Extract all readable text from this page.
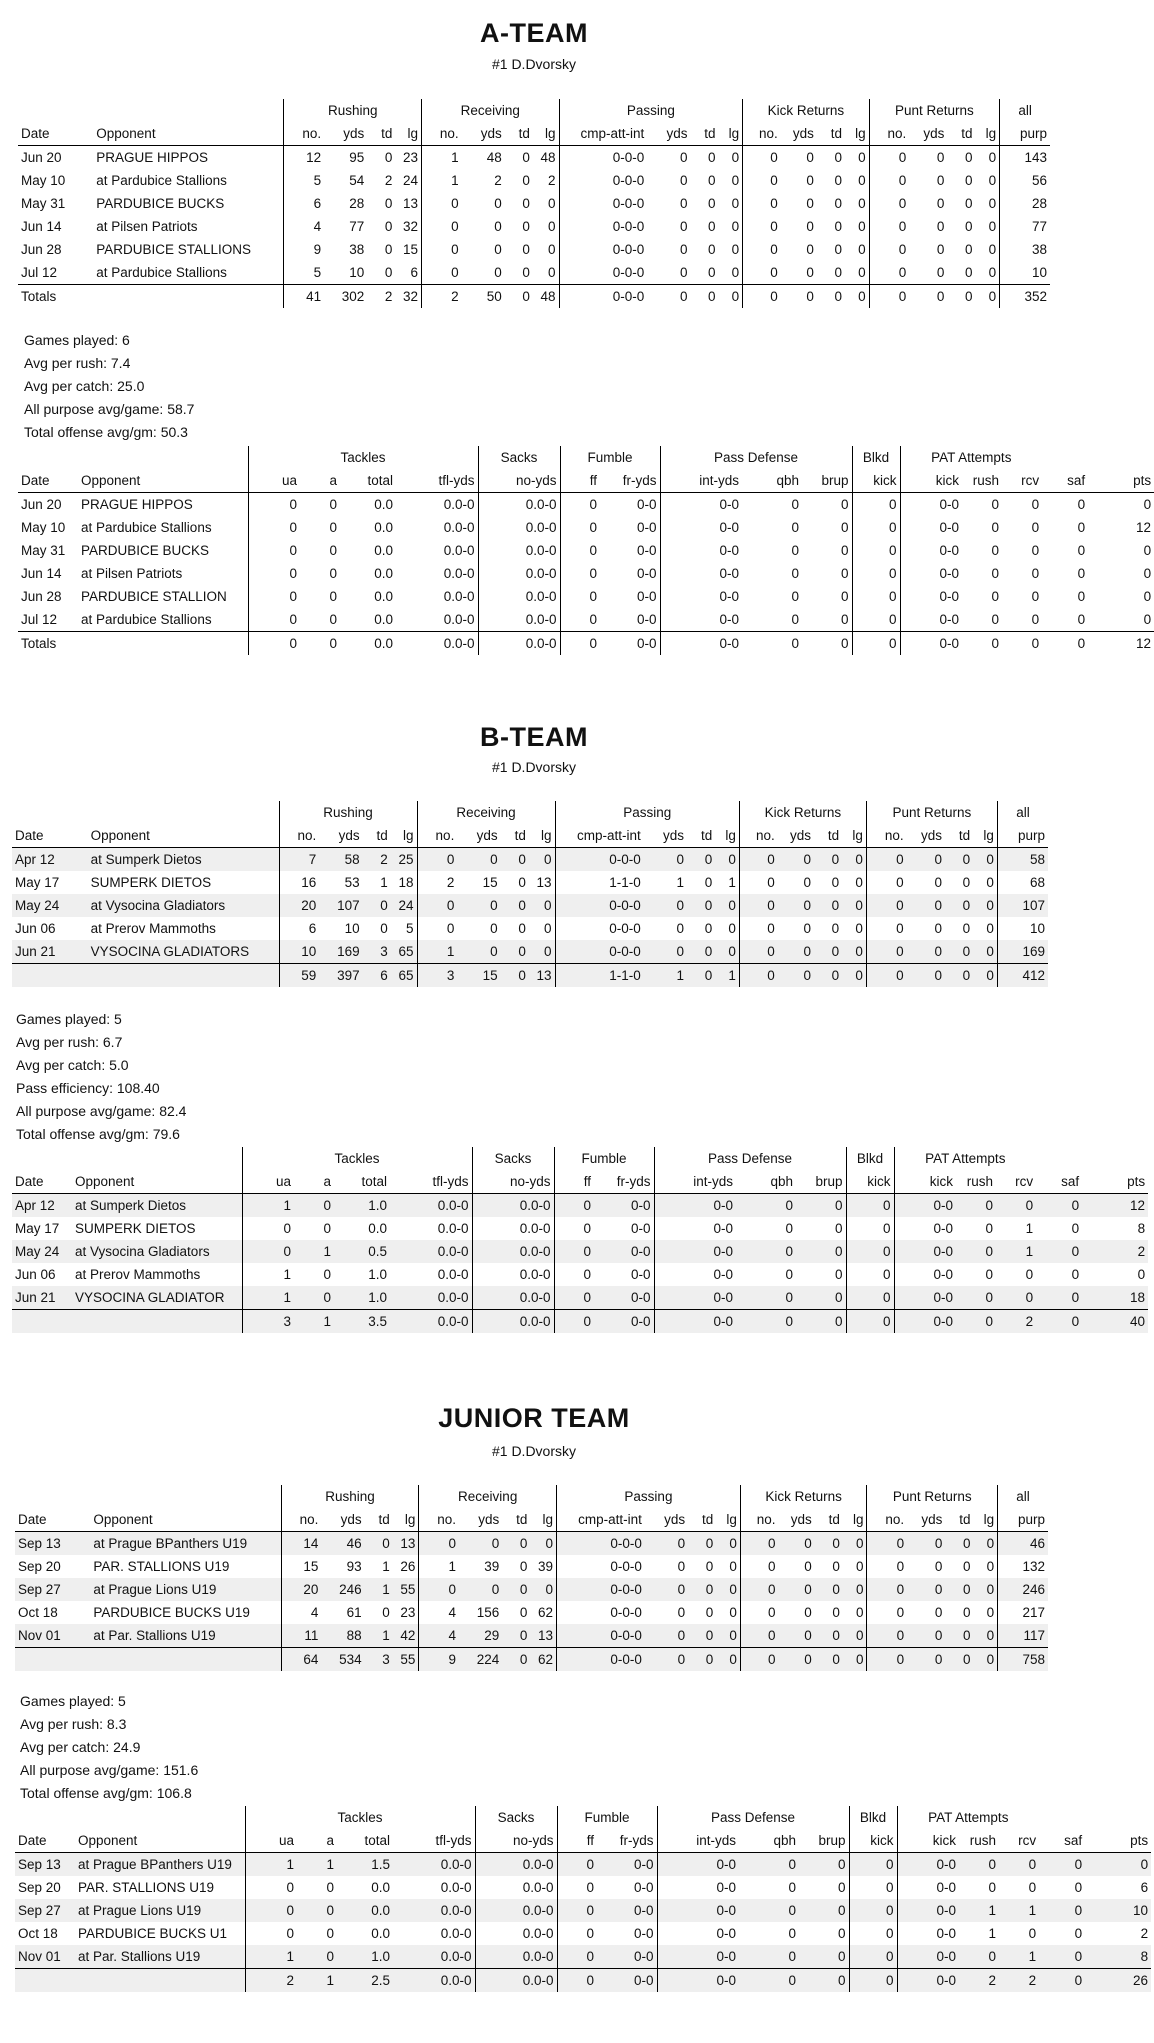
A-TEAM
#1 D.Dvorsky
B-TEAM
#1 D.Dvorsky
JUNIOR TEAM
#1 D.Dvorsky
		Rushing				Receiving				Passing				Kick Returns				Punt Returns				all
Date	Opponent	no.	yds	td	lg	no.	yds	td	lg	cmp-att-int	yds	td	lg	no.	yds	td	lg	no.	yds	td	lg	purp
Jun 20	PRAGUE HIPPOS	12	95	0	23	1	48	0	48	0-0-0	0	0	0	0	0	0	0	0	0	0	0	143
May 10	at Pardubice Stallions	5	54	2	24	1	2	0	2	0-0-0	0	0	0	0	0	0	0	0	0	0	0	56
May 31	PARDUBICE BUCKS	6	28	0	13	0	0	0	0	0-0-0	0	0	0	0	0	0	0	0	0	0	0	28
Jun 14	at Pilsen Patriots	4	77	0	32	0	0	0	0	0-0-0	0	0	0	0	0	0	0	0	0	0	0	77
Jun 28	PARDUBICE STALLIONS	9	38	0	15	0	0	0	0	0-0-0	0	0	0	0	0	0	0	0	0	0	0	38
Jul 12	at Pardubice Stallions	5	10	0	6	0	0	0	0	0-0-0	0	0	0	0	0	0	0	0	0	0	0	10
Totals		41	302	2	32	2	50	0	48	0-0-0	0	0	0	0	0	0	0	0	0	0	0	352
Games played: 6
Avg per rush: 7.4
Avg per catch: 25.0
All purpose avg/game: 58.7
Total offense avg/gm: 50.3
		Tackles				Sacks	Fumble		Pass Defense			Blkd	PAT Attempts				
Date	Opponent	ua	a	total	tfl-yds	no-yds	ff	fr-yds	int-yds	qbh	brup	kick	kick	rush	rcv	saf	pts
Jun 20	PRAGUE HIPPOS	0	0	0.0	0.0-0	0.0-0	0	0-0	0-0	0	0	0	0-0	0	0	0	0
May 10	at Pardubice Stallions	0	0	0.0	0.0-0	0.0-0	0	0-0	0-0	0	0	0	0-0	0	0	0	12
May 31	PARDUBICE BUCKS	0	0	0.0	0.0-0	0.0-0	0	0-0	0-0	0	0	0	0-0	0	0	0	0
Jun 14	at Pilsen Patriots	0	0	0.0	0.0-0	0.0-0	0	0-0	0-0	0	0	0	0-0	0	0	0	0
Jun 28	PARDUBICE STALLION	0	0	0.0	0.0-0	0.0-0	0	0-0	0-0	0	0	0	0-0	0	0	0	0
Jul 12	at Pardubice Stallions	0	0	0.0	0.0-0	0.0-0	0	0-0	0-0	0	0	0	0-0	0	0	0	0
Totals		0	0	0.0	0.0-0	0.0-0	0	0-0	0-0	0	0	0	0-0	0	0	0	12
		Rushing				Receiving				Passing				Kick Returns				Punt Returns				all
Date	Opponent	no.	yds	td	lg	no.	yds	td	lg	cmp-att-int	yds	td	lg	no.	yds	td	lg	no.	yds	td	lg	purp
Apr 12	at Sumperk Dietos	7	58	2	25	0	0	0	0	0-0-0	0	0	0	0	0	0	0	0	0	0	0	58
May 17	SUMPERK DIETOS	16	53	1	18	2	15	0	13	1-1-0	1	0	1	0	0	0	0	0	0	0	0	68
May 24	at Vysocina Gladiators	20	107	0	24	0	0	0	0	0-0-0	0	0	0	0	0	0	0	0	0	0	0	107
Jun 06	at Prerov Mammoths	6	10	0	5	0	0	0	0	0-0-0	0	0	0	0	0	0	0	0	0	0	0	10
Jun 21	VYSOCINA GLADIATORS	10	169	3	65	1	0	0	0	0-0-0	0	0	0	0	0	0	0	0	0	0	0	169
		59	397	6	65	3	15	0	13	1-1-0	1	0	1	0	0	0	0	0	0	0	0	412
Games played: 5
Avg per rush: 6.7
Avg per catch: 5.0
Pass efficiency: 108.40
All purpose avg/game: 82.4
Total offense avg/gm: 79.6
		Tackles				Sacks	Fumble		Pass Defense			Blkd	PAT Attempts				
Date	Opponent	ua	a	total	tfl-yds	no-yds	ff	fr-yds	int-yds	qbh	brup	kick	kick	rush	rcv	saf	pts
Apr 12	at Sumperk Dietos	1	0	1.0	0.0-0	0.0-0	0	0-0	0-0	0	0	0	0-0	0	0	0	12
May 17	SUMPERK DIETOS	0	0	0.0	0.0-0	0.0-0	0	0-0	0-0	0	0	0	0-0	0	1	0	8
May 24	at Vysocina Gladiators	0	1	0.5	0.0-0	0.0-0	0	0-0	0-0	0	0	0	0-0	0	1	0	2
Jun 06	at Prerov Mammoths	1	0	1.0	0.0-0	0.0-0	0	0-0	0-0	0	0	0	0-0	0	0	0	0
Jun 21	VYSOCINA GLADIATOR	1	0	1.0	0.0-0	0.0-0	0	0-0	0-0	0	0	0	0-0	0	0	0	18
		3	1	3.5	0.0-0	0.0-0	0	0-0	0-0	0	0	0	0-0	0	2	0	40
		Rushing				Receiving				Passing				Kick Returns				Punt Returns				all
Date	Opponent	no.	yds	td	lg	no.	yds	td	lg	cmp-att-int	yds	td	lg	no.	yds	td	lg	no.	yds	td	lg	purp
Sep 13	at Prague BPanthers U19	14	46	0	13	0	0	0	0	0-0-0	0	0	0	0	0	0	0	0	0	0	0	46
Sep 20	PAR. STALLIONS U19	15	93	1	26	1	39	0	39	0-0-0	0	0	0	0	0	0	0	0	0	0	0	132
Sep 27	at Prague Lions U19	20	246	1	55	0	0	0	0	0-0-0	0	0	0	0	0	0	0	0	0	0	0	246
Oct 18	PARDUBICE BUCKS U19	4	61	0	23	4	156	0	62	0-0-0	0	0	0	0	0	0	0	0	0	0	0	217
Nov 01	at Par. Stallions U19	11	88	1	42	4	29	0	13	0-0-0	0	0	0	0	0	0	0	0	0	0	0	117
		64	534	3	55	9	224	0	62	0-0-0	0	0	0	0	0	0	0	0	0	0	0	758
Games played: 5
Avg per rush: 8.3
Avg per catch: 24.9
All purpose avg/game: 151.6
Total offense avg/gm: 106.8
		Tackles				Sacks	Fumble		Pass Defense			Blkd	PAT Attempts				
Date	Opponent	ua	a	total	tfl-yds	no-yds	ff	fr-yds	int-yds	qbh	brup	kick	kick	rush	rcv	saf	pts
Sep 13	at Prague BPanthers U19	1	1	1.5	0.0-0	0.0-0	0	0-0	0-0	0	0	0	0-0	0	0	0	0
Sep 20	PAR. STALLIONS U19	0	0	0.0	0.0-0	0.0-0	0	0-0	0-0	0	0	0	0-0	0	0	0	6
Sep 27	at Prague Lions U19	0	0	0.0	0.0-0	0.0-0	0	0-0	0-0	0	0	0	0-0	1	1	0	10
Oct 18	PARDUBICE BUCKS U1	0	0	0.0	0.0-0	0.0-0	0	0-0	0-0	0	0	0	0-0	1	0	0	2
Nov 01	at Par. Stallions U19	1	0	1.0	0.0-0	0.0-0	0	0-0	0-0	0	0	0	0-0	0	1	0	8
		2	1	2.5	0.0-0	0.0-0	0	0-0	0-0	0	0	0	0-0	2	2	0	26
